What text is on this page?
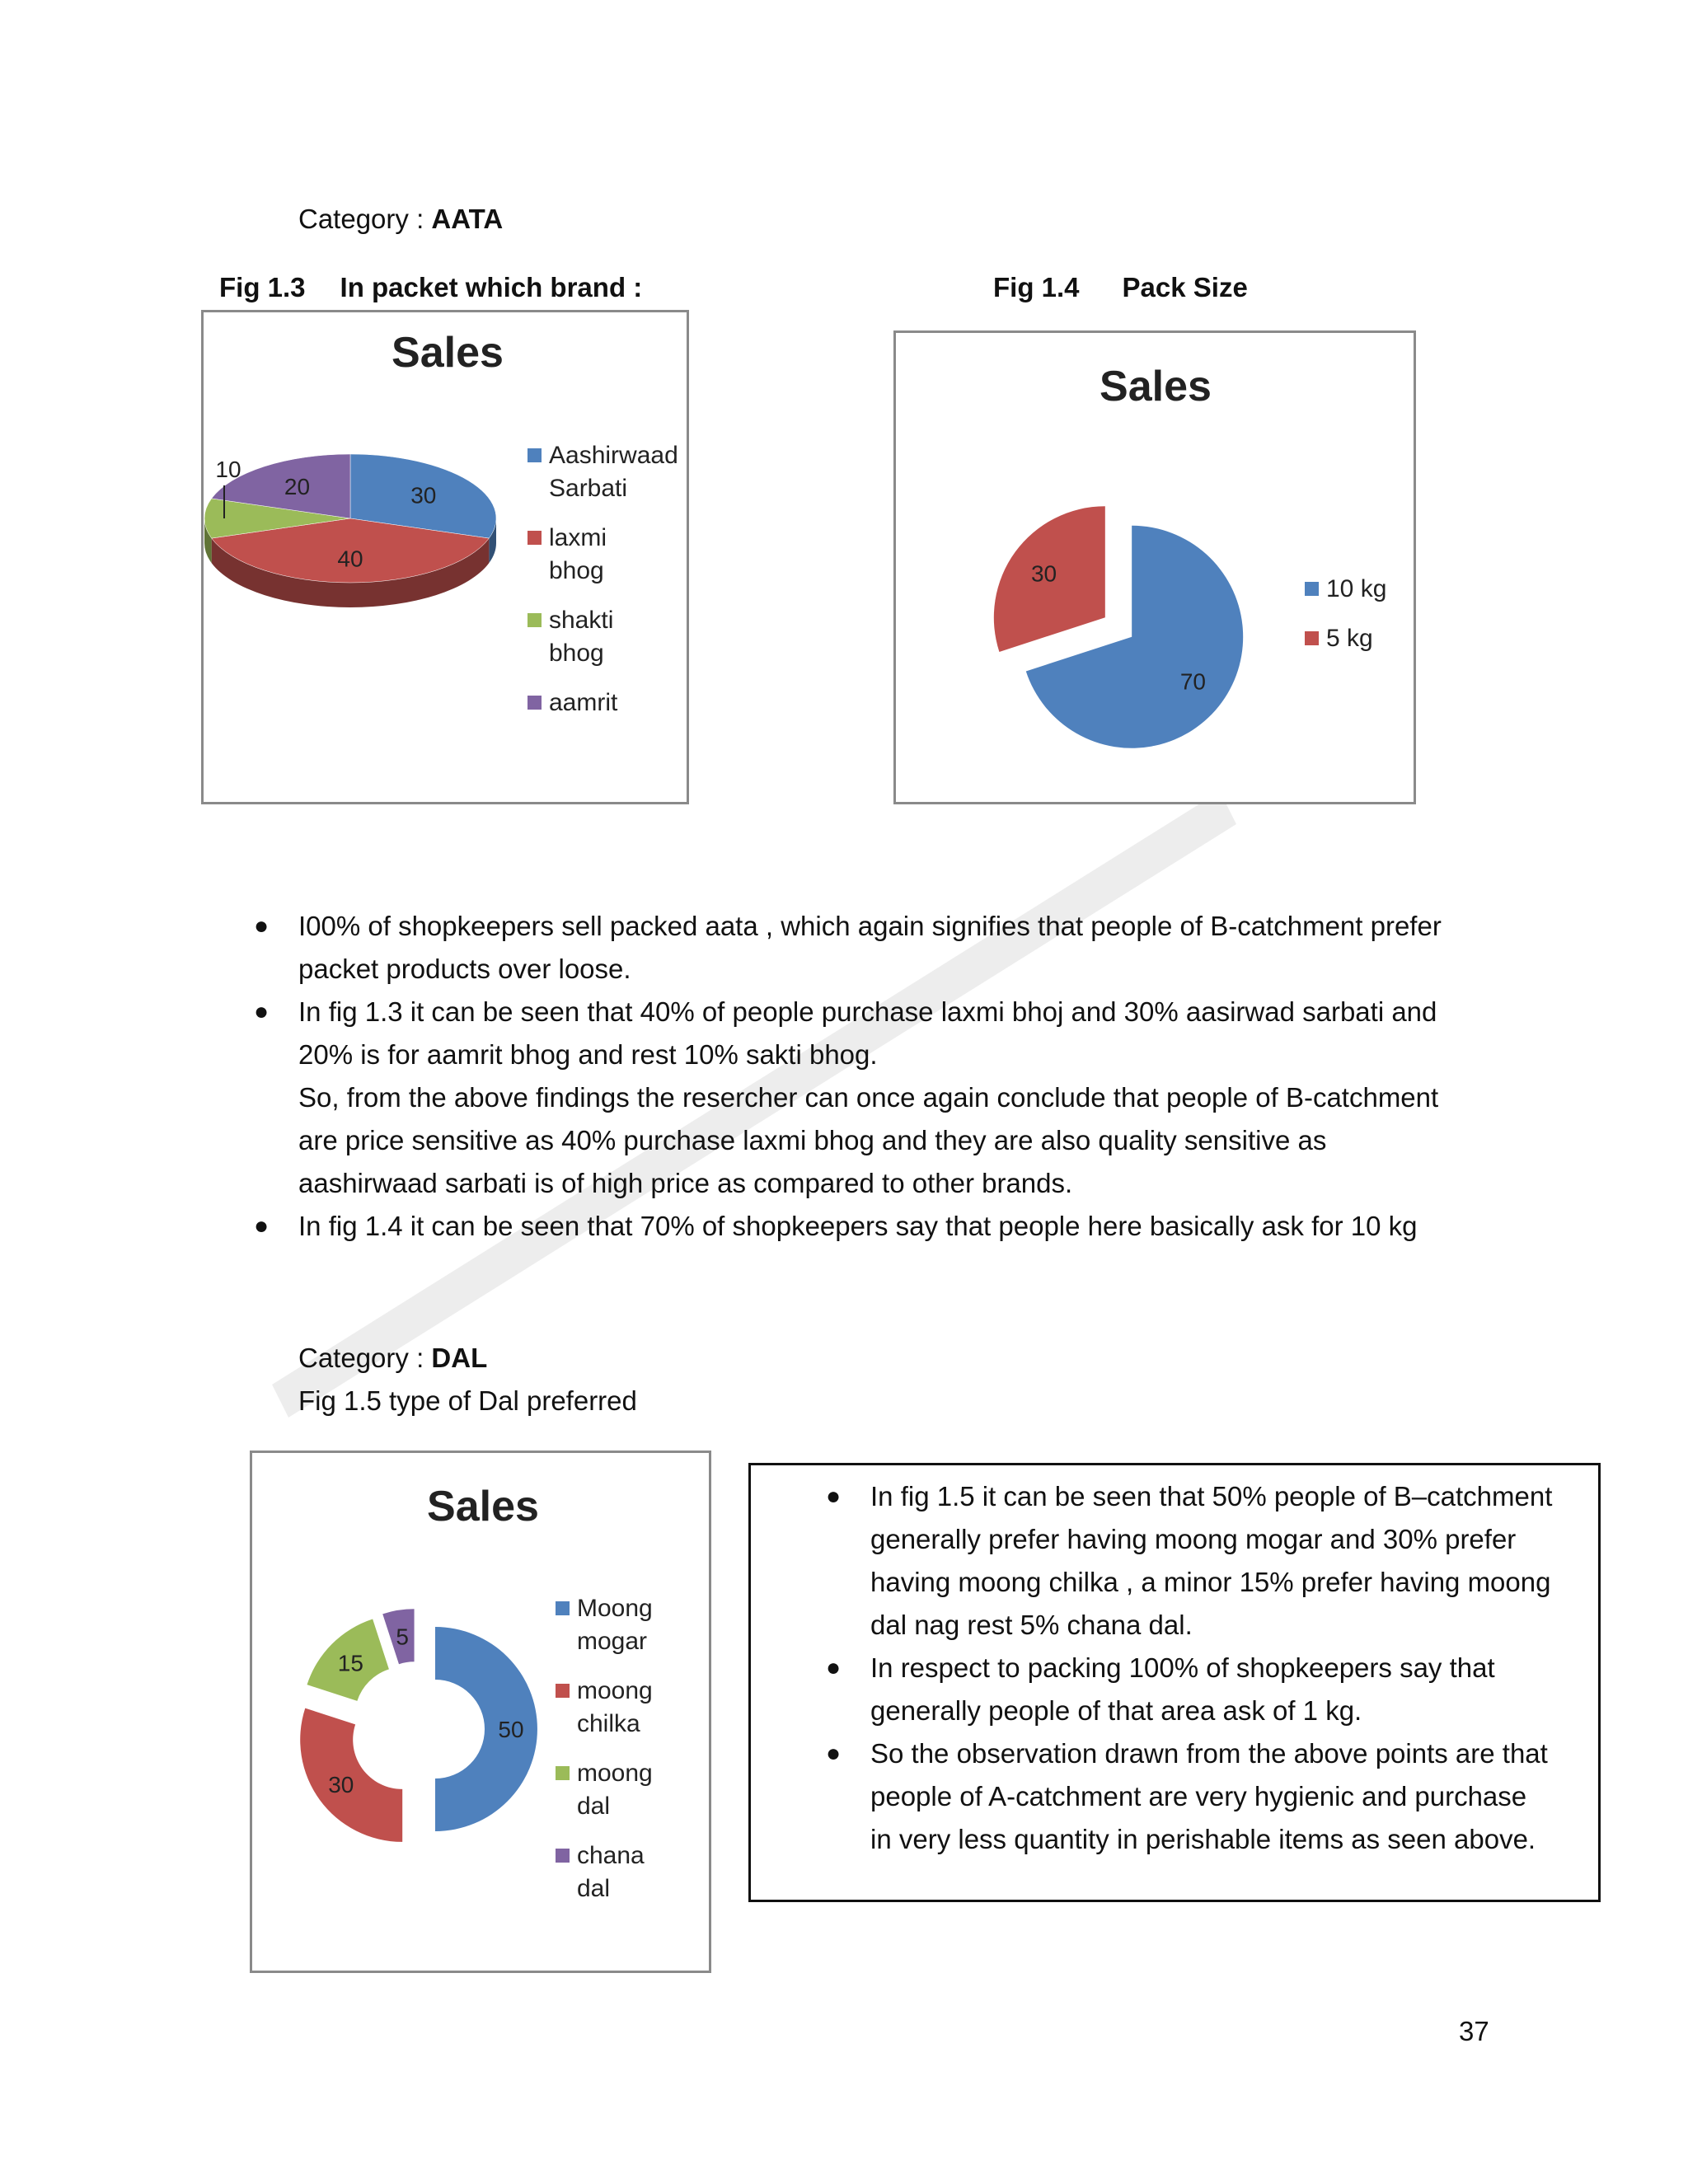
Category : AATA
Fig 1.3 In packet which brand :	Fig 1.4 Pack Size
Sales
30
40
10
20
Aashirwaad Sarbati
laxmi bhog
shakti bhog
aamrit
Sales
70
30
10 kg
5 kg
● I00% of shopkeepers sell packed aata , which again signifies that people of B-catchment prefer
packet products over loose.
● In fig 1.3 it can be seen that 40% of people purchase laxmi bhoj and 30% aasirwad sarbati and
20% is for aamrit bhog and rest 10% sakti bhog.
So, from the above findings the resercher can once again conclude that people of B-catchment
are price sensitive as 40% purchase laxmi bhog and they are also quality sensitive as
aashirwaad sarbati is of high price as compared to other brands.
● In fig 1.4 it can be seen that 70% of shopkeepers say that people here basically ask for 10 kg
Category : DAL
Fig 1.5 type of Dal preferred
Sales
50
30
15
5
Moong mogar
moong chilka
moong dal
chana dal
● In fig 1.5 it can be seen that 50% people of B–catchment
generally prefer having moong mogar and 30% prefer
having moong chilka , a minor 15% prefer having moong
dal nag rest 5% chana dal.
● In respect to packing 100% of shopkeepers say that
generally people of that area ask of 1 kg.
● So the observation drawn from the above points are that
people of A-catchment are very hygienic and purchase
in very less quantity in perishable items as seen above.
37
